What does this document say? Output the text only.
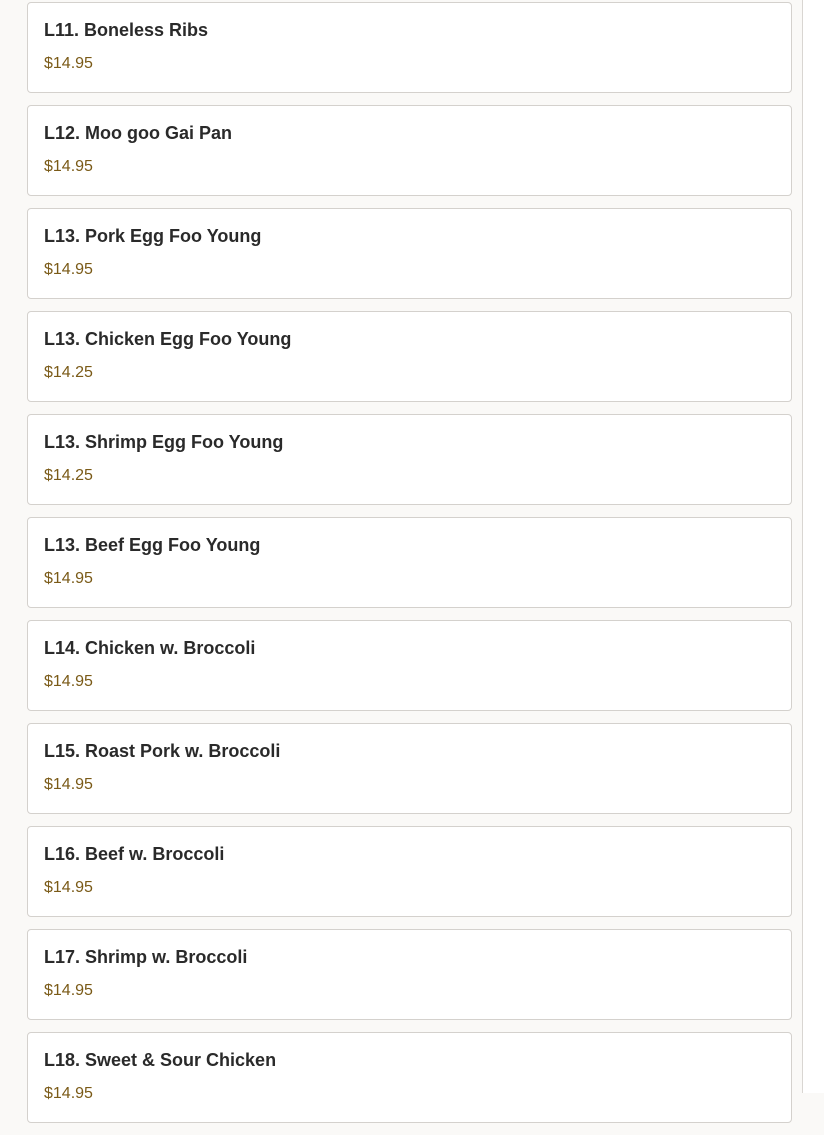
L11. Boneless Ribs
$14.95
L12. Moo goo Gai Pan
$14.95
L13. Pork Egg Foo Young
$14.95
L13. Chicken Egg Foo Young
$14.25
L13. Shrimp Egg Foo Young
$14.25
L13. Beef Egg Foo Young
$14.95
L14. Chicken w. Broccoli
$14.95
L15. Roast Pork w. Broccoli
$14.95
L16. Beef w. Broccoli
$14.95
L17. Shrimp w. Broccoli
$14.95
L18. Sweet & Sour Chicken
$14.95
